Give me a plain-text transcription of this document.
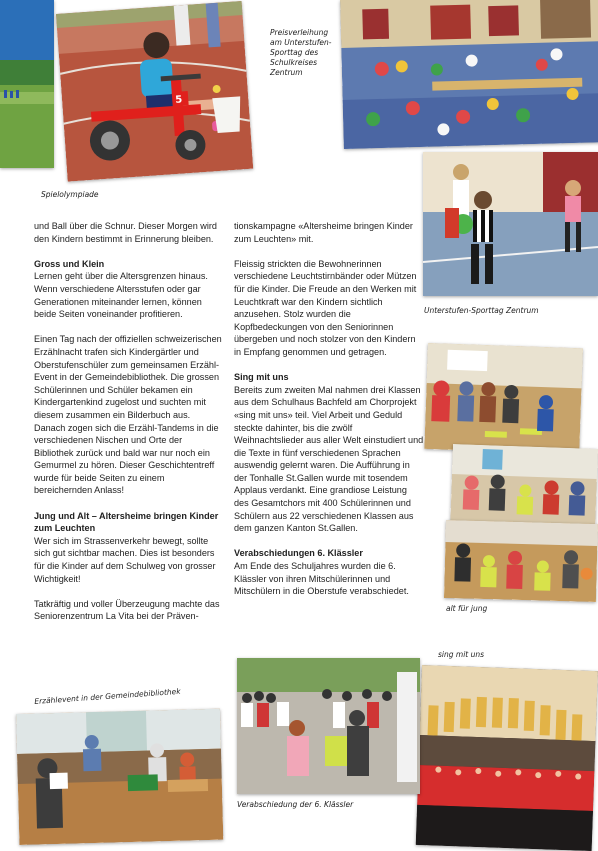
5
Spielolympiade
Preisverleihung am Unterstufen-Sporttag des Schulkreises Zentrum
Unterstufen-Sporttag Zentrum
alt für jung
sing mit uns
Erzählevent in der Gemeindebibliothek
Verabschiedung der 6. Klässler

und Ball über die Schnur. Dieser Morgen wird den Kindern bestimmt in Erinnerung bleiben.

Gross und Klein

Lernen geht über die Altersgrenzen hinaus. Wenn verschiedene Altersstufen oder gar Generationen miteinander lernen, können beide Seiten voneinander profitieren.

Einen Tag nach der offiziellen schweizerischen Erzählnacht trafen sich Kindergärtler und Oberstufenschüler zum gemeinsamen Erzähl-Event in der Gemeindebibliothek. Die grossen Schülerinnen und Schüler bekamen ein Kindergartenkind zugelost und suchten mit diesem zusammen ein Bilderbuch aus. Danach zogen sich die Erzähl-Tandems in die verschiedenen Nischen und Orte der Bibliothek zurück und bald war nur noch ein Gemurmel zu hören. Dieser Geschichtentreff wurde für beide Seiten zu einem bereichernden Anlass!

Jung und Alt – Altersheime bringen Kinder zum Leuchten

Wer sich im Strassenverkehr bewegt, sollte sich gut sichtbar machen. Dies ist besonders für die Kinder auf dem Schulweg von grosser Wichtigkeit!

Tatkräftig und voller Überzeugung machte das Seniorenzentrum La Vita bei der Präven-

tionskampagne «Altersheime bringen Kinder zum Leuchten» mit.

Fleissig strickten die Bewohnerinnen verschiedene Leuchtstirnbänder oder Mützen für die Kinder. Die Freude an den Werken mit Leuchtkraft war den Kindern sichtlich anzusehen. Stolz wurden die Kopfbedeckungen von den Seniorinnen übergeben und noch stolzer von den Kindern in Empfang genommen und getragen.

Sing mit uns

Bereits zum zweiten Mal nahmen drei Klassen aus dem Schulhaus Bachfeld am Chorprojekt «sing mit uns» teil. Viel Arbeit und Geduld steckte dahinter, bis die zwölf Weihnachtslieder aus aller Welt einstudiert und die Texte in fünf verschiedenen Sprachen auswendig gelernt waren. Die Aufführung in der Tonhalle St.Gallen wurde mit tosendem Applaus verdankt. Eine grandiose Leistung des Gesamtchors mit 400 Schülerinnen und Schülern aus 22 verschiedenen Klassen aus dem ganzen Kanton St.Gallen.

Verabschiedungen 6. Klässler

Am Ende des Schuljahres wurden die 6. Klässler von ihren Mitschülerinnen und Mitschülern in die Oberstufe verabschiedet.
